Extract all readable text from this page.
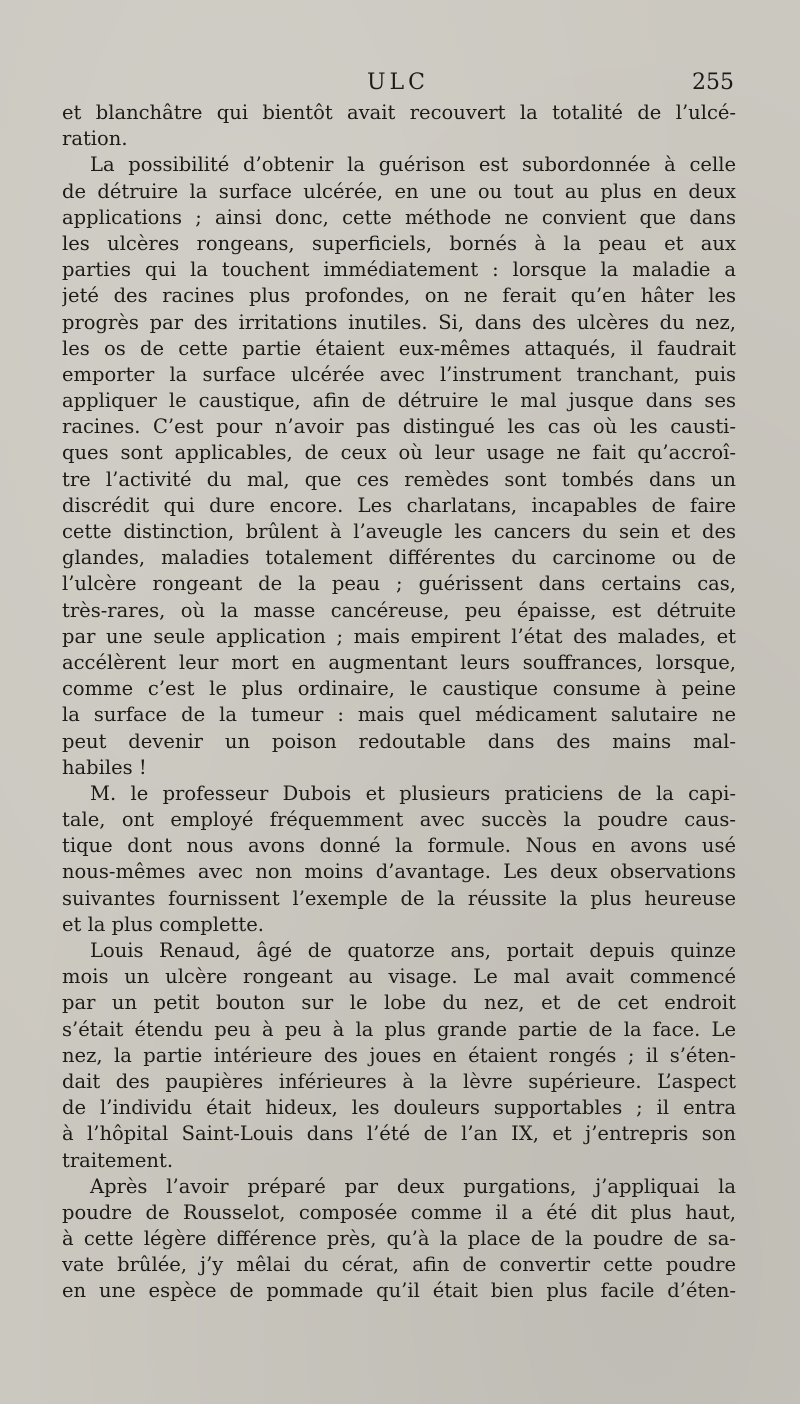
ULC	255
et blanchâtre qui bientôt avait recouvert la totalité de l’ulcé-
ration.
La possibilité d’obtenir la guérison est subordonnée à celle
de détruire la surface ulcérée, en une ou tout au plus en deux
applications ; ainsi donc, cette méthode ne convient que dans
les ulcères rongeans, superficiels, bornés à la peau et aux
parties qui la touchent immédiatement : lorsque la maladie a
jeté des racines plus profondes, on ne ferait qu’en hâter les
progrès par des irritations inutiles. Si, dans des ulcères du nez,
les os de cette partie étaient eux-mêmes attaqués, il faudrait
emporter la surface ulcérée avec l’instrument tranchant, puis
appliquer le caustique, afin de détruire le mal jusque dans ses
racines. C’est pour n’avoir pas distingué les cas où les causti-
ques sont applicables, de ceux où leur usage ne fait qu’accroî-
tre l’activité du mal, que ces remèdes sont tombés dans un
discrédit qui dure encore. Les charlatans, incapables de faire
cette distinction, brûlent à l’aveugle les cancers du sein et des
glandes, maladies totalement différentes du carcinome ou de
l’ulcère rongeant de la peau ; guérissent dans certains cas,
très-rares, où la masse cancéreuse, peu épaisse, est détruite
par une seule application ; mais empirent l’état des malades, et
accélèrent leur mort en augmentant leurs souffrances, lorsque,
comme c’est le plus ordinaire, le caustique consume à peine
la surface de la tumeur : mais quel médicament salutaire ne
peut devenir un poison redoutable dans des mains mal-
habiles !
M. le professeur Dubois et plusieurs praticiens de la capi-
tale, ont employé fréquemment avec succès la poudre caus-
tique dont nous avons donné la formule. Nous en avons usé
nous-mêmes avec non moins d’avantage. Les deux observations
suivantes fournissent l’exemple de la réussite la plus heureuse
et la plus complette.
Louis Renaud, âgé de quatorze ans, portait depuis quinze
mois un ulcère rongeant au visage. Le mal avait commencé
par un petit bouton sur le lobe du nez, et de cet endroit
s’était étendu peu à peu à la plus grande partie de la face. Le
nez, la partie intérieure des joues en étaient rongés ; il s’éten-
dait des paupières inférieures à la lèvre supérieure. L’aspect
de l’individu était hideux, les douleurs supportables ; il entra
à l’hôpital Saint-Louis dans l’été de l’an IX, et j’entrepris son
traitement.
Après l’avoir préparé par deux purgations, j’appliquai la
poudre de Rousselot, composée comme il a été dit plus haut,
à cette légère différence près, qu’à la place de la poudre de sa-
vate brûlée, j’y mêlai du cérat, afin de convertir cette poudre
en une espèce de pommade qu’il était bien plus facile d’éten-
